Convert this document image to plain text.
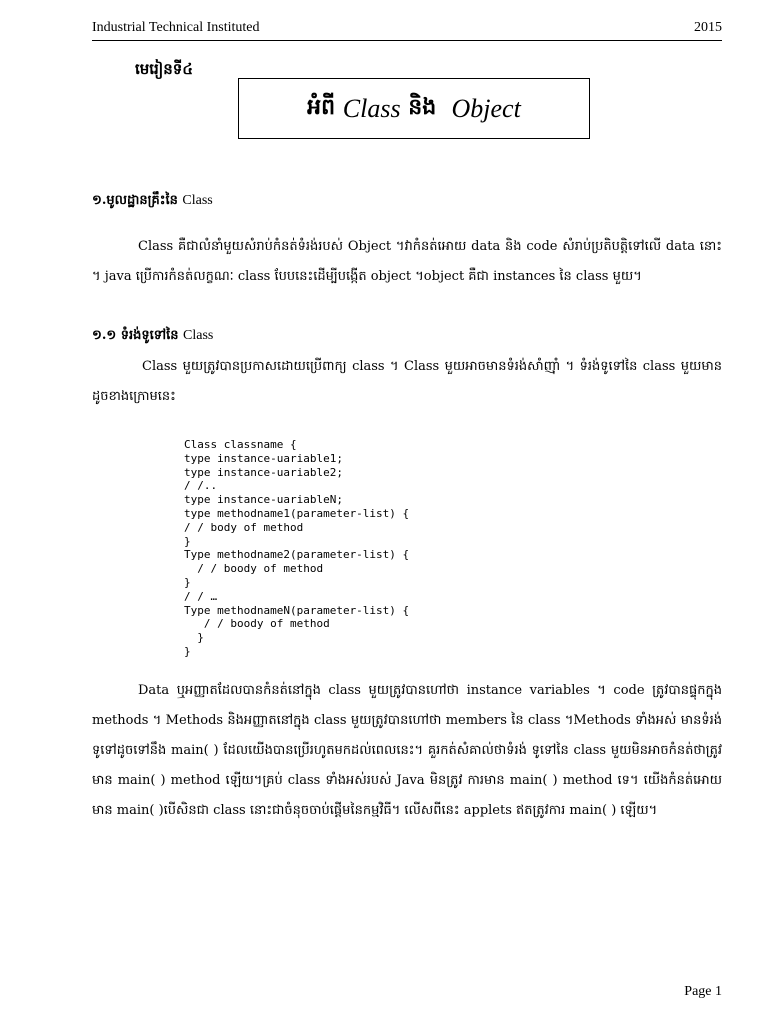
Industrial Technical Instituted	2015
មេរៀនទី៤
អំពី
Class
និង
Object
១.មូលដ្ឋានគ្រឹះនៃ Class
Class គឺជាលំនាំមួយសំរាប់កំនត់ទំរង់របស់ Object ។វាកំនត់អោយ data និង code សំរាប់ប្រតិបត្តិទៅលើ data នោះ ។ java ប្រើការកំនត់លក្ខណៈ class បែបនេះដើម្បីបង្កើត object ។object គឺជា instances នៃ class មួយ។
១.១ ទំរង់ទូទៅនៃ Class
Class មួយត្រូវបានប្រកាសដោយប្រើពាក្យ class ។ Class មួយអាចមានទំរង់សាំញ៉ាំ ។ ទំរង់ទូទៅនៃ class មួយមានដូចខាងក្រោមនេះ
Class classname {
type instance-uariable1;
type instance-uariable2;
/ /..
type instance-uariableN;
type methodname1(parameter-list) {
/ / body of method
}
Type methodname2(parameter-list) {
/ / boody of method
}
/ / …
Type methodnameN(parameter-list) {
/ / boody of method
}
}
Data ឬអញ្ញាតដែលបានកំនត់នៅក្នុង class មួយត្រូវបានហៅថា instance variables ។ code ត្រូវបានផ្ទុកក្នុង methods ។ Methods និងអញ្ញាតនៅក្នុង class មួយត្រូវបានហៅថា members នៃ class ។Methods ទាំងអស់ មានទំរង់ទូទៅដូចទៅនឹង main( ) ដែលយើងបានប្រើរហូតមកដល់ពេលនេះ។ គួរកត់សំគាល់ថាទំរង់ ទូទៅនៃ class មួយមិនអាចកំនត់ថាត្រូវមាន main( ) method ឡើយ។គ្រប់ class ទាំងអស់របស់ Java មិនត្រូវ ការមាន main( ) method ទេ។ យើងកំនត់អោយមាន main( )បើសិនជា class នោះជាចំនុចចាប់ផ្ដើមនៃកម្មវិធី។ លើសពីនេះ applets ឥតត្រូវការ main( ) ឡើយ។
Page 1
